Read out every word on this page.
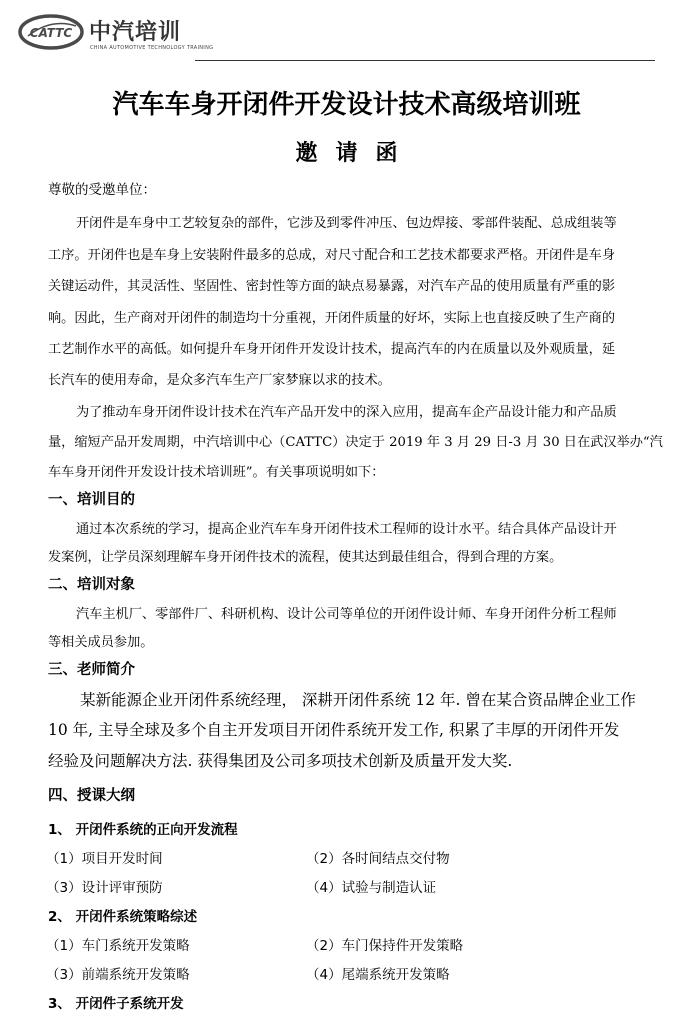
CATTC 中汽培训
CHINA AUTOMOTIVE TECHNOLOGY TRAINING
汽车车身开闭件开发设计技术高级培训班
邀请函
尊敬的受邀单位：
开闭件是车身中工艺较复杂的部件，它涉及到零件冲压、包边焊接、零部件装配、总成组装等
工序。开闭件也是车身上安装附件最多的总成，对尺寸配合和工艺技术都要求严格。开闭件是车身
关键运动件，其灵活性、坚固性、密封性等方面的缺点易暴露，对汽车产品的使用质量有严重的影
响。因此，生产商对开闭件的制造均十分重视，开闭件质量的好坏，实际上也直接反映了生产商的
工艺制作水平的高低。如何提升车身开闭件开发设计技术，提高汽车的内在质量以及外观质量，延
长汽车的使用寿命，是众多汽车生产厂家梦寐以求的技术。
为了推动车身开闭件设计技术在汽车产品开发中的深入应用，提高车企产品设计能力和产品质
量，缩短产品开发周期，中汽培训中心（CATTC）决定于 2019 年 3 月 29 日-3 月 30 日在武汉举办“汽
车车身开闭件开发设计技术培训班”。有关事项说明如下：
一、培训目的
通过本次系统的学习，提高企业汽车车身开闭件技术工程师的设计水平。结合具体产品设计开
发案例，让学员深刻理解车身开闭件技术的流程，使其达到最佳组合，得到合理的方案。
二、培训对象
汽车主机厂、零部件厂、科研机构、设计公司等单位的开闭件设计师、车身开闭件分析工程师
等相关成员参加。
三、老师简介
某新能源企业开闭件系统经理， 深耕开闭件系统 12 年. 曾在某合资品牌企业工作
10 年, 主导全球及多个自主开发项目开闭件系统开发工作, 积累了丰厚的开闭件开发
经验及问题解决方法. 获得集团及公司多项技术创新及质量开发大奖.
四、授课大纲
1、 开闭件系统的正向开发流程
（1）项目开发时间	（2）各时间结点交付物
（3）设计评审预防	（4）试验与制造认证
2、 开闭件系统策略综述
（1）车门系统开发策略	（2）车门保持件开发策略
（3）前端系统开发策略	（4）尾端系统开发策略
3、 开闭件子系统开发
